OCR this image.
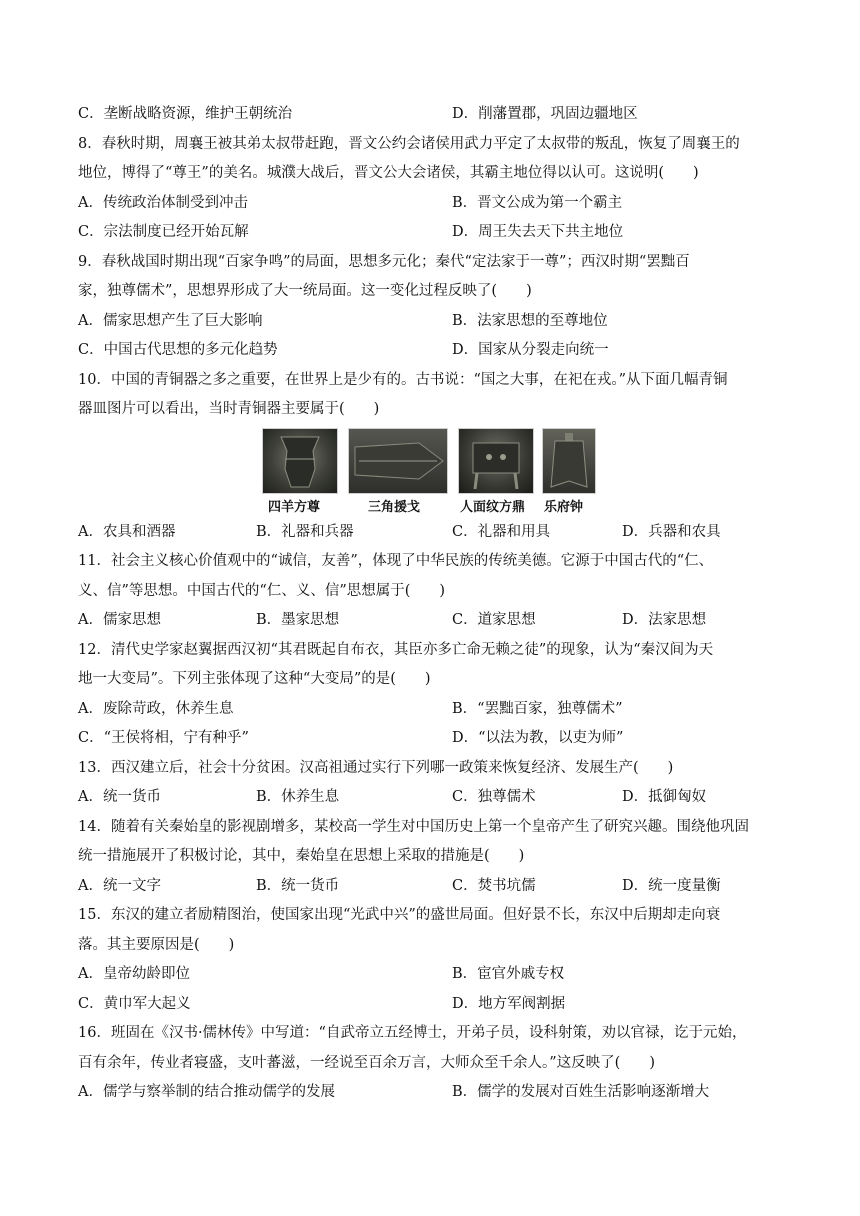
C．垄断战略资源，维护王朝统治	D．削藩置郡，巩固边疆地区
8．春秋时期，周襄王被其弟太叔带赶跑，晋文公约会诸侯用武力平定了太叔带的叛乱，恢复了周襄王的
地位，博得了“尊王”的美名。城濮大战后，晋文公大会诸侯，其霸主地位得以认可。这说明(　　)
A．传统政治体制受到冲击	B．晋文公成为第一个霸主
C．宗法制度已经开始瓦解	D．周王失去天下共主地位
9．春秋战国时期出现“百家争鸣”的局面，思想多元化；秦代“定法家于一尊”；西汉时期“罢黜百
家，独尊儒术”，思想界形成了大一统局面。这一变化过程反映了(　　)
A．儒家思想产生了巨大影响	B．法家思想的至尊地位
C．中国古代思想的多元化趋势	D．国家从分裂走向统一
10．中国的青铜器之多之重要，在世界上是少有的。古书说：“国之大事，在祀在戎。”从下面几幅青铜
器皿图片可以看出，当时青铜器主要属于(　　)
四羊方尊	三角援戈	人面纹方鼎 乐府钟
A．农具和酒器	B．礼器和兵器	C．礼器和用具	D．兵器和农具
11．社会主义核心价值观中的“诚信，友善”，体现了中华民族的传统美德。它源于中国古代的“仁、
义、信”等思想。中国古代的“仁、义、信”思想属于(　　)
A．儒家思想	B．墨家思想	C．道家思想	D．法家思想
12．清代史学家赵翼据西汉初“其君既起自布衣，其臣亦多亡命无赖之徒”的现象，认为“秦汉间为天
地一大变局”。下列主张体现了这种“大变局”的是(　　)
A．废除苛政，休养生息	B．“罢黜百家，独尊儒术”
C．“王侯将相，宁有种乎”	D．“以法为教，以吏为师”
13．西汉建立后，社会十分贫困。汉高祖通过实行下列哪一政策来恢复经济、发展生产(　　)
A．统一货币	B．休养生息	C．独尊儒术	D．抵御匈奴
14．随着有关秦始皇的影视剧增多，某校高一学生对中国历史上第一个皇帝产生了研究兴趣。围绕他巩固
统一措施展开了积极讨论，其中，秦始皇在思想上采取的措施是(　　)
A．统一文字	B．统一货币	C．焚书坑儒	D．统一度量衡
15．东汉的建立者励精图治，使国家出现“光武中兴”的盛世局面。但好景不长，东汉中后期却走向衰
落。其主要原因是(　　)
A．皇帝幼龄即位	B．宦官外戚专权
C．黄巾军大起义	D．地方军阀割据
16．班固在《汉书·儒林传》中写道：“自武帝立五经博士，开弟子员，设科射策，劝以官禄，讫于元始，
百有余年，传业者寝盛，支叶蕃滋，一经说至百余万言，大师众至千余人。”这反映了(　　)
A．儒学与察举制的结合推动儒学的发展	B．儒学的发展对百姓生活影响逐渐增大
